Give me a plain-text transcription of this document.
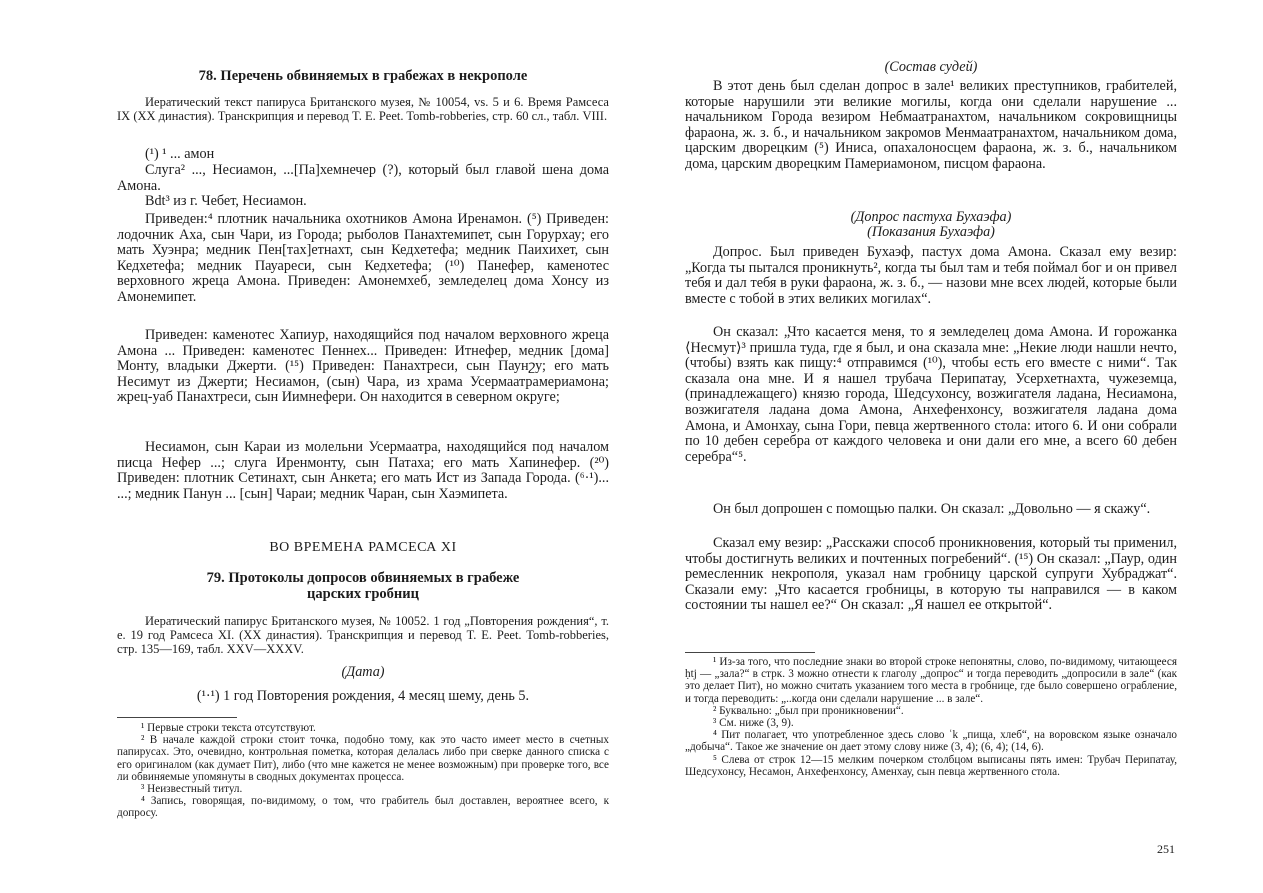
78. Перечень обвиняемых в грабежах в некрополе

Иератический текст папируса Британского музея, № 10054, vs. 5 и 6. Время Рамсеса IX (XX династия). Транскрипция и перевод T. E. Peet. Tomb-robberies, стр. 60 сл., табл. VIII.

(¹) ¹ ... амон

Слуга² ..., Несиамон, ...[Па]хемнечер (?), который был главой шена дома Амона.

Bdt³ из г. Чебет, Несиамон.

Приведен:⁴ плотник начальника охотников Амона Иренамон. (⁵) Приведен: лодочник Аха, сын Чари, из Города; рыболов Панахтемипет, сын Горурхау; его мать Хуэнра; медник Пен[тах]етнахт, сын Кедхетефа; медник Паихихет, сын Кедхетефа; медник Пауареси, сын Кедхетефа; (¹⁰) Панефер, каменотес верховного жреца Амона. Приведен: Амонемхеб, земледелец дома Хонсу из Амонемипет.

Приведен: каменотес Хапиур, находящийся под началом верховного жреца Амона ... Приведен: каменотес Пеннех... Приведен: Итнефер, медник [дома] Монту, владыки Джерти. (¹⁵) Приведен: Панахтреси, сын Паунշу; его мать Несимут из Джерти; Несиамон, (сын) Чара, из храма Усермаатрамериамона; жрец-уаб Панахтреси, сын Иимнефери. Он находится в северном округе;

Несиамон, сын Караи из молельни Усермаатра, находящийся под началом писца Нефер ...; слуга Иренмонту, сын Патаха; его мать Хапинефер. (²⁰) Приведен: плотник Сетинахт, сын Анкета; его мать Ист из Запада Города. (⁶·¹)... ...; медник Панун ... [сын] Чараи; медник Чаран, сын Хаэмипета.

ВО ВРЕМЕНА РАМСЕСА XI
79. Протоколы допросов обвиняемых в грабеже
царских гробниц

Иератический папирус Британского музея, № 10052. 1 год „Повторения рождения“, т. е. 19 год Рамсеса XI. (XX династия). Транскрипция и перевод T. E. Peet. Tomb-robberies, стр. 135—169, табл. XXV—XXXV.

(Дата)

(¹·¹) 1 год Повторения рождения, 4 месяц шему, день 5.

¹ Первые строки текста отсутствуют.

² В начале каждой строки стоит точка, подобно тому, как это часто имеет место в счетных папирусах. Это, очевидно, контрольная пометка, которая делалась либо при сверке данного списка с его оригиналом (как думает Пит), либо (что мне кажется не менее возможным) при проверке того, все ли обвиняемые упомянуты в сводных документах процесса.

³ Неизвестный титул.

⁴ Запись, говорящая, по-видимому, о том, что грабитель был доставлен, вероятнее всего, к допросу.

(Состав судей)

В этот день был сделан допрос в зале¹ великих преступников, грабителей, которые нарушили эти великие могилы, когда они сделали нарушение ... начальником Города везиром Небмаатранахтом, начальником сокровищницы фараона, ж. з. б., и начальником закромов Менмаатранахтом, начальником дома, царским дворецким (⁵) Иниса, опахалоносцем фараона, ж. з. б., начальником дома, царским дворецким Памериамоном, писцом фараона.

(Допрос пастуха Бухаэфа)
(Показания Бухаэфа)

Допрос. Был приведен Бухаэф, пастух дома Амона. Сказал ему везир: „Когда ты пытался проникнуть², когда ты был там и тебя поймал бог и он привел тебя и дал тебя в руки фараона, ж. з. б., — назови мне всех людей, которые были вместе с тобой в этих великих могилах“.

Он сказал: „Что касается меня, то я земледелец дома Амона. И горожанка ⟨Несмут⟩³ пришла туда, где я был, и она сказала мне: „Некие люди нашли нечто, (чтобы) взять как пищу:⁴ отправимся (¹⁰), чтобы есть его вместе с ними“. Так сказала она мне. И я нашел трубача Перипатау, Усерхетнахта, чужеземца, (принадлежащего) князю города, Шедсухонсу, возжигателя ладана, Несиамона, возжигателя ладана дома Амона, Анхефенхонсу, возжигателя ладана дома Амона, и Амонхау, сына Гори, певца жертвенного стола: итого 6. И они собрали по 10 дебен серебра от каждого человека и они дали его мне, а всего 60 дебен серебра“⁵.

Он был допрошен с помощью палки. Он сказал: „Довольно — я скажу“.

Сказал ему везир: „Расскажи способ проникновения, который ты применил, чтобы достигнуть великих и почтенных погребений“. (¹⁵) Он сказал: „Паур, один ремесленник некрополя, указал нам гробницу царской супруги Хубраджат“. Сказали ему: „Что касается гробницы, в которую ты направился — в каком состоянии ты нашел ее?“ Он сказал: „Я нашел ее открытой“.

¹ Из-за того, что последние знаки во второй строке непонятны, слово, по-видимому, читающееся ḥtj — „зала?“ в стрк. 3 можно отнести к глаголу „допрос“ и тогда переводить „допросили в зале“ (как это делает Пит), но можно считать указанием того места в гробнице, где было совершено ограбление, и тогда переводить: „..когда они сделали нарушение ... в зале“.

² Буквально: „был при проникновении“.

³ См. ниже (3, 9).

⁴ Пит полагает, что употребленное здесь слово ʿk „пища, хлеб“, на воровском языке означало „добыча“. Такое же значение он дает этому слову ниже (3, 4); (6, 4); (14, 6).

⁵ Слева от строк 12—15 мелким почерком столбцом выписаны пять имен: Трубач Перипатау, Шедсухонсу, Несамон, Анхефенхонсу, Аменхау, сын певца жертвенного стола.

251
